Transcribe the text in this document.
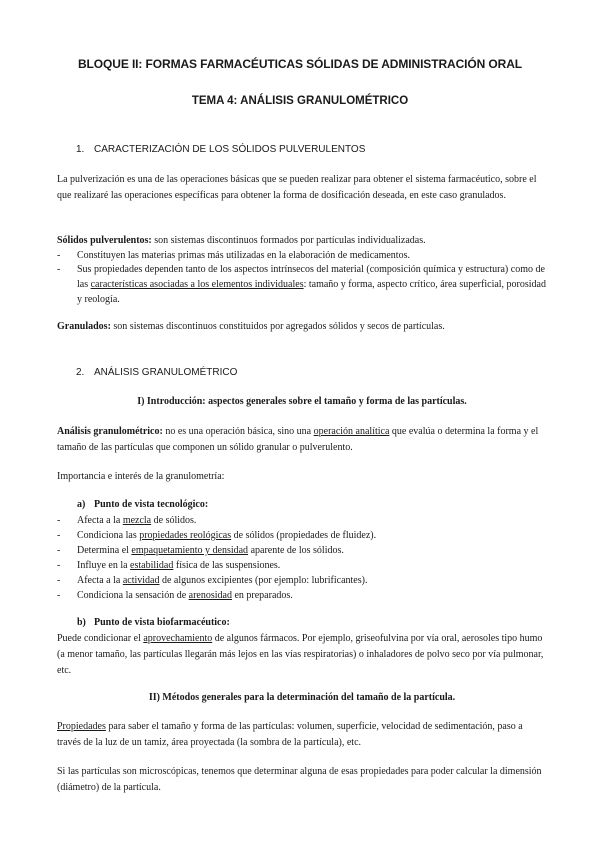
BLOQUE II: FORMAS FARMACÉUTICAS SÓLIDAS DE ADMINISTRACIÓN ORAL
TEMA 4: ANÁLISIS GRANULOMÉTRICO
1. CARACTERIZACIÓN DE LOS SÓLIDOS PULVERULENTOS
La pulverización es una de las operaciones básicas que se pueden realizar para obtener el sistema farmacéutico, sobre el que realizaré las operaciones específicas para obtener la forma de dosificación deseada, en este caso granulados.
Sólidos pulverulentos: son sistemas discontinuos formados por partículas individualizadas.
- Constituyen las materias primas más utilizadas en la elaboración de medicamentos.
- Sus propiedades dependen tanto de los aspectos intrínsecos del material (composición química y estructura) como de las características asociadas a los elementos individuales: tamaño y forma, aspecto crítico, área superficial, porosidad y reología.
Granulados: son sistemas discontinuos constituidos por agregados sólidos y secos de partículas.
2. ANÁLISIS GRANULOMÉTRICO
I) Introducción: aspectos generales sobre el tamaño y forma de las partículas.
Análisis granulométrico: no es una operación básica, sino una operación analítica que evalúa o determina la forma y el tamaño de las partículas que componen un sólido granular o pulverulento.
Importancia e interés de la granulometría:
a) Punto de vista tecnológico:
- Afecta a la mezcla de sólidos.
- Condiciona las propiedades reológicas de sólidos (propiedades de fluidez).
- Determina el empaquetamiento y densidad aparente de los sólidos.
- Influye en la estabilidad física de las suspensiones.
- Afecta a la actividad de algunos excipientes (por ejemplo: lubrificantes).
- Condiciona la sensación de arenosidad en preparados.
b) Punto de vista biofarmacéutico:
Puede condicionar el aprovechamiento de algunos fármacos. Por ejemplo, griseofulvina por vía oral, aerosoles tipo humo (a menor tamaño, las partículas llegarán más lejos en las vías respiratorias) o inhaladores de polvo seco por vía pulmonar, etc.
II) Métodos generales para la determinación del tamaño de la partícula.
Propiedades para saber el tamaño y forma de las partículas: volumen, superficie, velocidad de sedimentación, paso a través de la luz de un tamiz, área proyectada (la sombra de la partícula), etc.
Si las partículas son microscópicas, tenemos que determinar alguna de esas propiedades para poder calcular la dimensión (diámetro) de la partícula.
